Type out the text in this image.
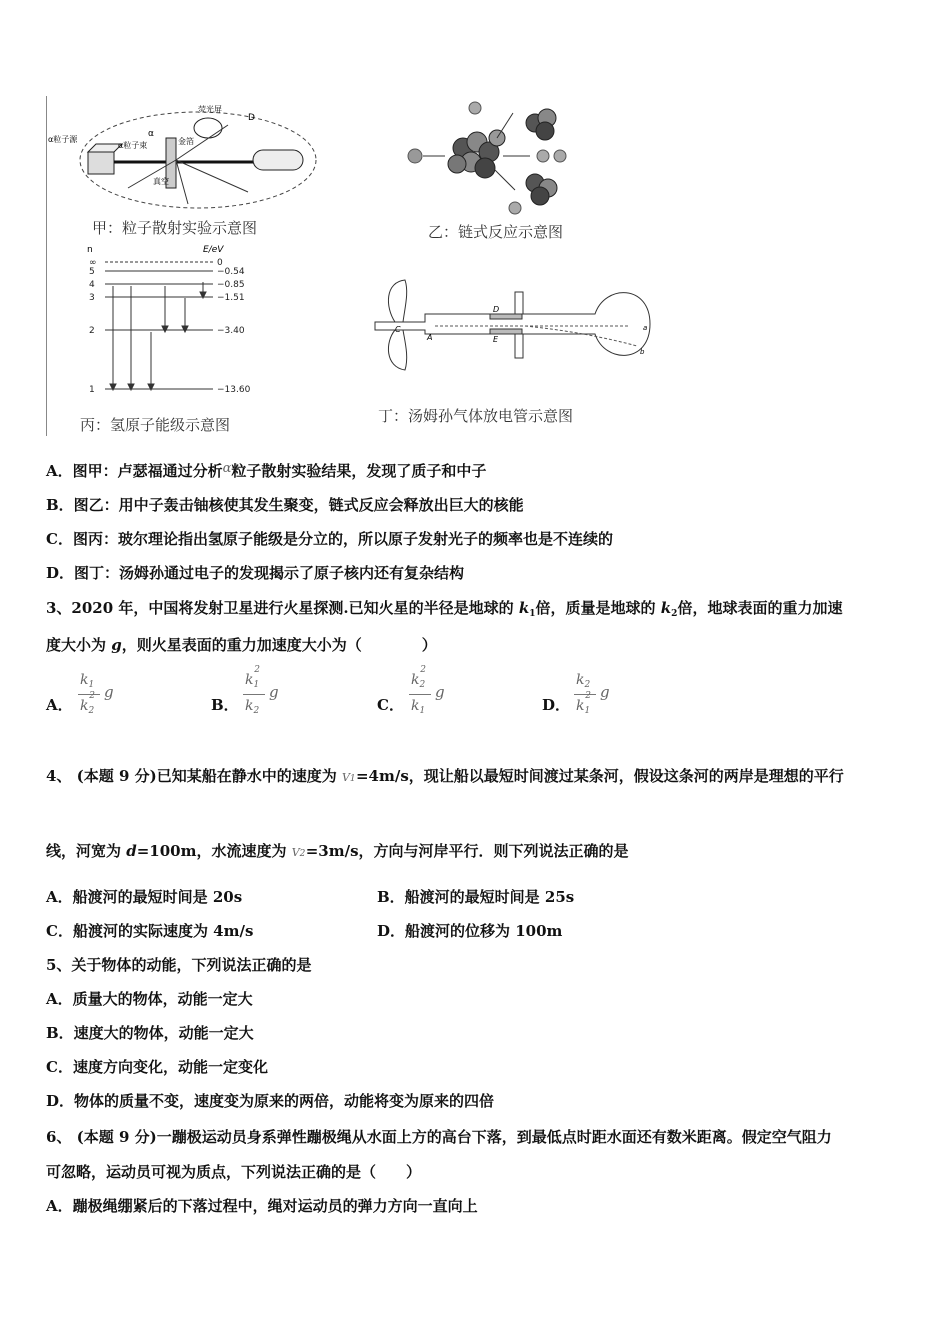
荧光屏
α粒子源
α粒子束	金箔
真空
α
D
甲：粒子散射实验示意图	乙：链式反应示意图
n	E/eV
∞	0
5	−0.54
4	−0.85
3	−1.51
2	−3.40
1	−13.60
丙：氢原子能级示意图
C
A
D
E
a
b
丁：汤姆孙气体放电管示意图
A．图甲：卢瑟福通过分析α粒子散射实验结果，发现了质子和中子
B．图乙：用中子轰击铀核使其发生聚变，链式反应会释放出巨大的核能
C．图丙：玻尔理论指出氢原子能级是分立的，所以原子发射光子的频率也是不连续的
D．图丁：汤姆孙通过电子的发现揭示了原子核内还有复杂结构
3、2020 年，中国将发射卫星进行火星探测.已知火星的半径是地球的 $k_1$倍，质量是地球的 $k_2$倍，地球表面的重力加速
度大小为 g，则火星表面的重力加速度大小为（　　　　）
A．
$k_1$
$k_2^2$ g
B．
$k_1^2$
$k_2$
g
C．
$k_2^2$
$k_1$
g
D．
$k_2$
$k_1^2$ g
4、 (本题 9 分)已知某船在静水中的速度为 V1 =4m/s，现让船以最短时间渡过某条河，假设这条河的两岸是理想的平行
线，河宽为 d=100m，水流速度为 V2 =3m/s，方向与河岸平行．则下列说法正确的是
A．船渡河的最短时间是 20s	B．船渡河的最短时间是 25s
C．船渡河的实际速度为 4m/s	D．船渡河的位移为 100m
5、关于物体的动能，下列说法正确的是
A．质量大的物体，动能一定大
B．速度大的物体，动能一定大
C．速度方向变化，动能一定变化
D．物体的质量不变，速度变为原来的两倍，动能将变为原来的四倍
6、 (本题 9 分)一蹦极运动员身系弹性蹦极绳从水面上方的高台下落，到最低点时距水面还有数米距离。假定空气阻力
可忽略，运动员可视为质点，下列说法正确的是（　　）
A．蹦极绳绷紧后的下落过程中，绳对运动员的弹力方向一直向上
